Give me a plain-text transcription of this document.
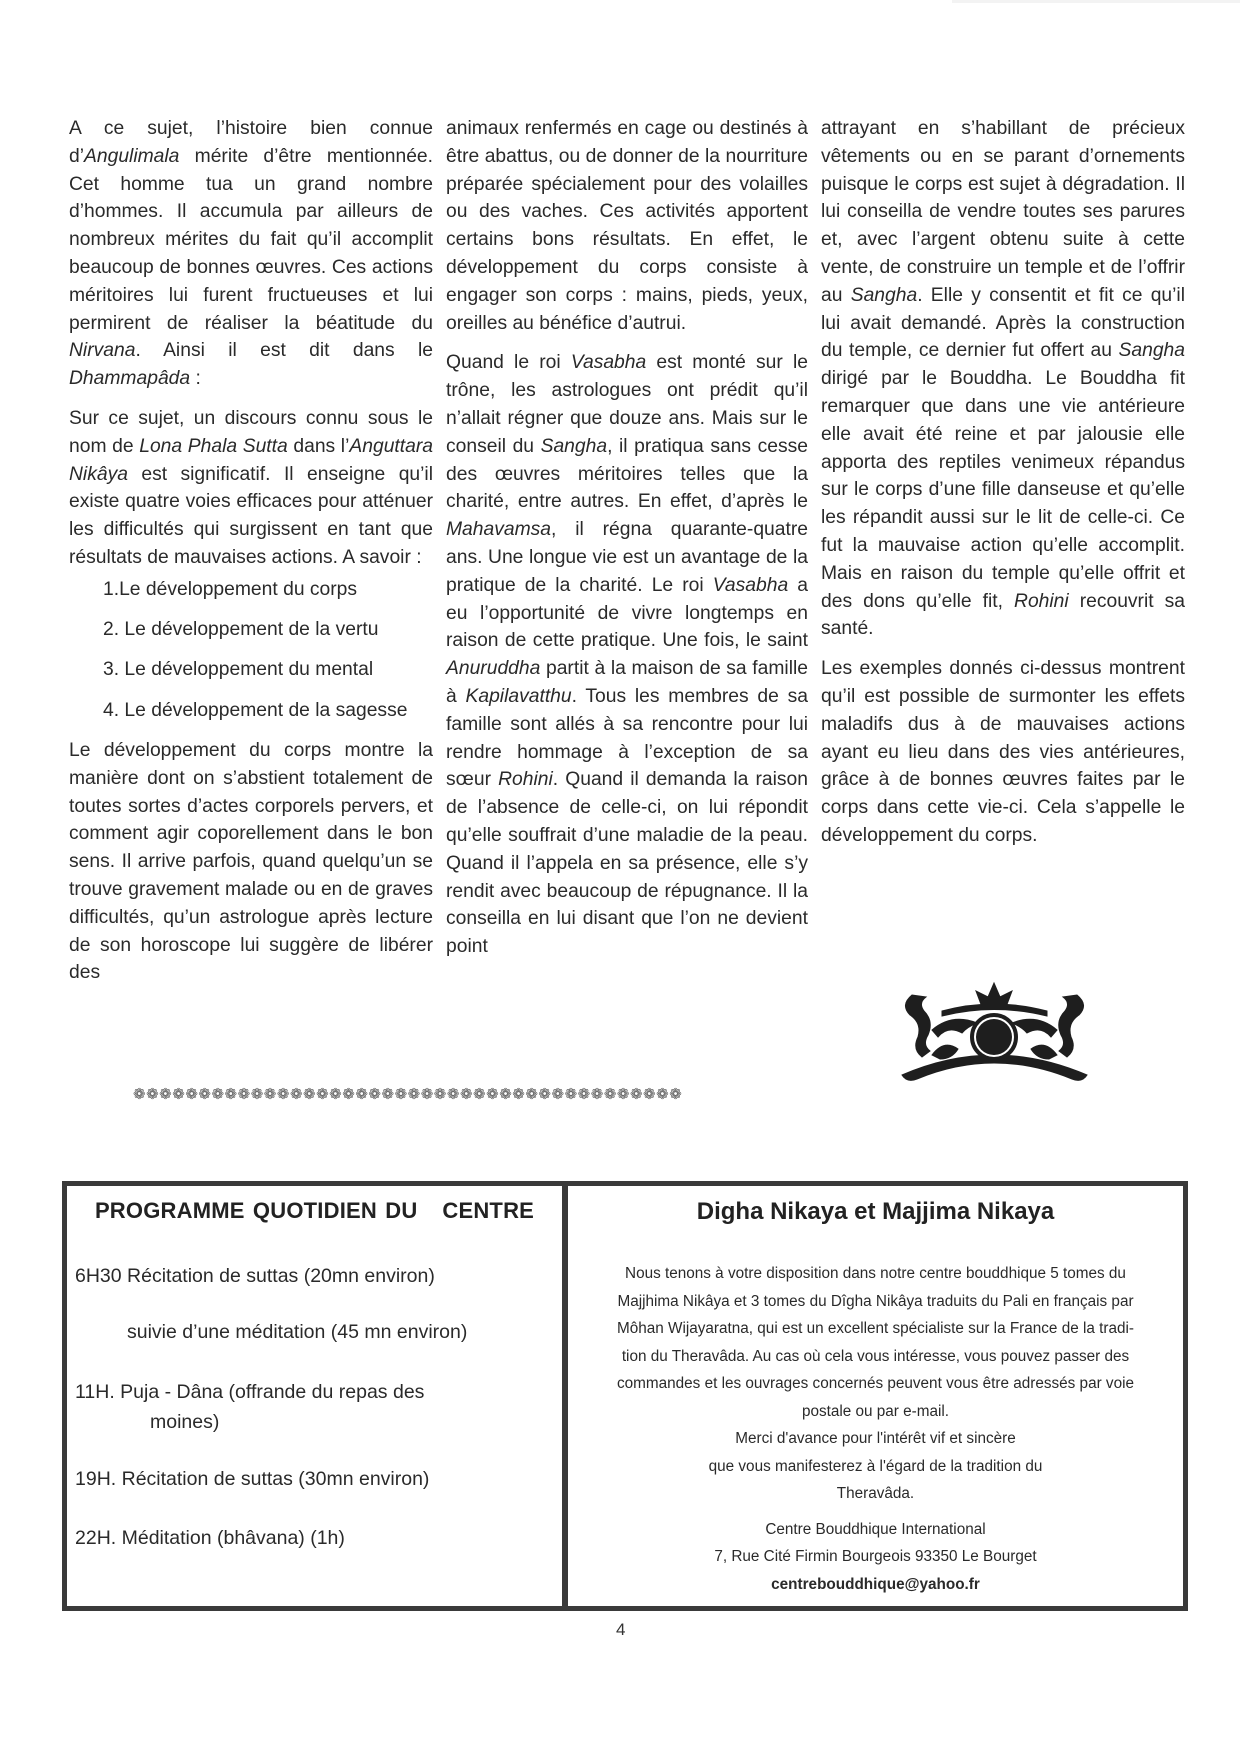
A ce sujet, l’histoire bien connue d’Angulimala mérite d’être mentionnée. Cet homme tua un grand nombre d’hommes. Il accumula par ailleurs de nombreux mérites du fait qu’il accomplit beaucoup de bonnes œuvres. Ces actions méritoires lui furent fructueuses et lui permirent de réaliser la béatitude du Nirvana. Ainsi il est dit dans le Dhammapâda :

Sur ce sujet, un discours connu sous le nom de Lona Phala Sutta dans l’Anguttara Nikâya est significatif. Il enseigne qu’il existe quatre voies efficaces pour atténuer les difficultés qui surgissent en tant que résultats de mauvaises actions. A savoir :

1.Le développement du corps
2. Le développement de la vertu
3. Le développement du mental
4. Le développement de la sagesse

Le développement du corps montre la manière dont on s’abstient totalement de toutes sortes d’actes corporels pervers, et comment agir coporellement dans le bon sens. Il arrive parfois, quand quelqu’un se trouve gravement malade ou en de graves difficultés, qu’un astrologue après lecture de son horoscope lui suggère de libérer des

animaux renfermés en cage ou destinés à être abattus, ou de donner de la nourriture préparée spécialement pour des volailles ou des vaches. Ces activités apportent certains bons résultats. En effet, le développement du corps consiste à engager son corps : mains, pieds, yeux, oreilles au bénéfice d’autrui.

Quand le roi Vasabha est monté sur le trône, les astrologues ont prédit qu’il n’allait régner que douze ans. Mais sur le conseil du Sangha, il pratiqua sans cesse des œuvres méritoires telles que la charité, entre autres. En effet, d’après le Mahavamsa, il régna quarante-quatre ans. Une longue vie est un avantage de la pratique de la charité. Le roi Vasabha a eu l’opportunité de vivre longtemps en raison de cette pratique. Une fois, le saint Anuruddha partit à la maison de sa famille à Kapilavatthu. Tous les membres de sa famille sont allés à sa rencontre pour lui rendre hommage à l’exception de sa sœur Rohini. Quand il demanda la raison de l’absence de celle-ci, on lui répondit qu’elle souffrait d’une maladie de la peau. Quand il l’appela en sa présence, elle s’y rendit avec beaucoup de répugnance. Il la conseilla en lui disant que l’on ne devient point

attrayant en s’habillant de précieux vêtements ou en se parant d’ornements puisque le corps est sujet à dégradation. Il lui conseilla de vendre toutes ses parures et, avec l’argent obtenu suite à cette vente, de construire un temple et de l’offrir au Sangha. Elle y consentit et fit ce qu’il lui avait demandé. Après la construction du temple, ce dernier fut offert au Sangha dirigé par le Bouddha. Le Bouddha fit remarquer que dans une vie antérieure elle avait été reine et par jalousie elle apporta des reptiles venimeux répandus sur le corps d’une fille danseuse et qu’elle les répandit aussi sur le lit de celle-ci. Ce fut la mauvaise action qu’elle accomplit. Mais en raison du temple qu’elle offrit et des dons qu’elle fit, Rohini recouvrit sa santé.

Les exemples donnés ci-dessus montrent qu’il est possible de surmonter les effets maladifs dus à de mauvaises actions ayant eu lieu dans des vies antérieures, grâce à de bonnes œuvres faites par le corps dans cette vie-ci. Cela s’appelle le développement du corps.

❁❁❁❁❁❁❁❁❁❁❁❁❁❁❁❁❁❁❁❁❁❁❁❁❁❁❁❁❁❁❁❁❁❁❁❁❁❁❁❁❁❁
PROGRAMME QUOTIDIEN DU   CENTRE
6H30 Récitation de suttas (20mn environ)
suivie d’une méditation (45 mn environ)
11H. Puja - Dâna (offrande du repas des
moines)
19H. Récitation de suttas (30mn environ)
22H. Méditation (bhâvana) (1h)
Digha Nikaya et Majjima Nikaya

Nous tenons à votre disposition dans notre centre bouddhique 5 tomes du

Majjhima Nikâya et 3 tomes du Dîgha Nikâya traduits du Pali en français par

Môhan Wijayaratna, qui est un excellent spécialiste sur la France de la tradi-

tion du Theravâda. Au cas où cela vous intéresse, vous pouvez passer des

commandes et les ouvrages concernés peuvent vous être adressés par voie

postale ou par e-mail.

Merci d'avance pour l'intérêt vif et sincère

que vous manifesterez à l'égard de la tradition du

Theravâda.

Centre Bouddhique International

7, Rue Cité Firmin Bourgeois 93350 Le Bourget

centrebouddhique@yahoo.fr

4
